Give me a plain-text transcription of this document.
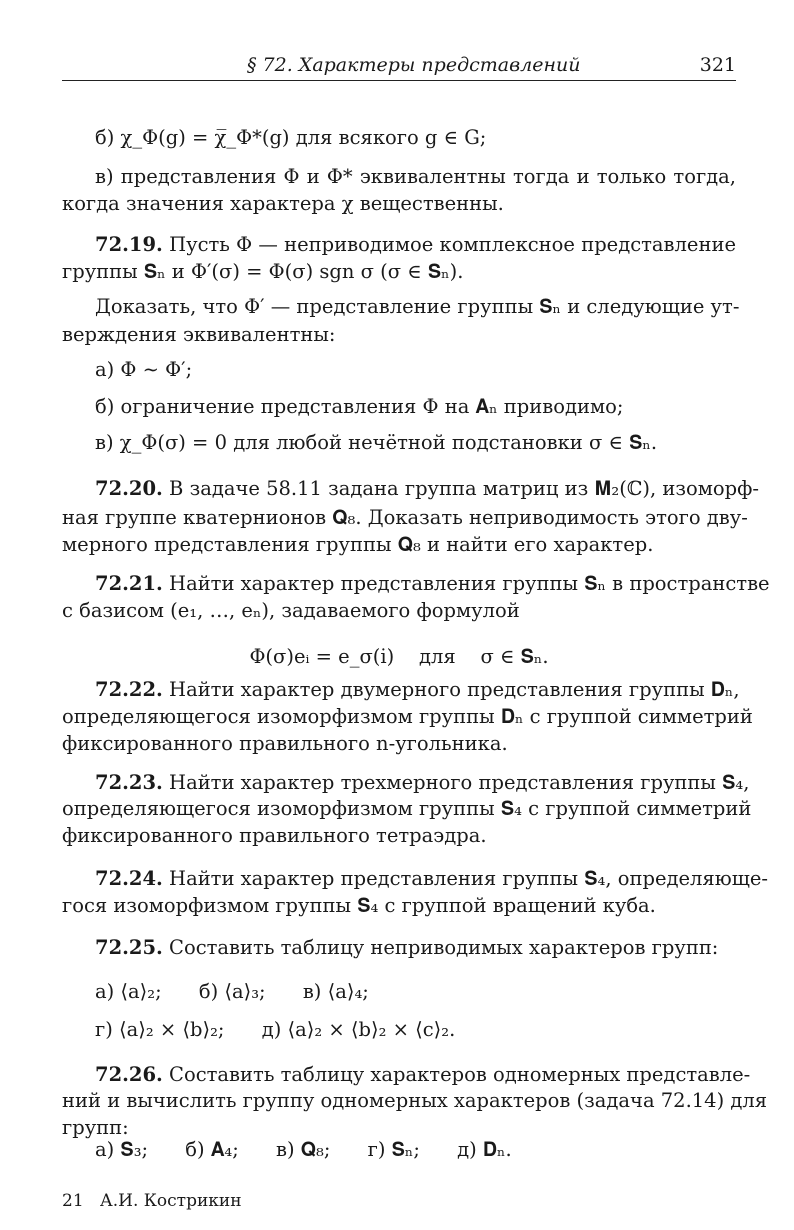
§ 72. Характеры представлений	321
б) χ_Φ(g) = χ̅_Φ*(g) для всякого g ∈ G;
в) представления Φ и Φ* эквивалентны тогда и только тогда,
когда значения характера χ вещественны.
72.19. Пусть Φ — неприводимое комплексное представление
группы 𝐒ₙ и Φ′(σ) = Φ(σ) sgn σ (σ ∈ 𝐒ₙ).
Доказать, что Φ′ — представление группы 𝐒ₙ и следующие ут-
верждения эквивалентны:
а) Φ ∼ Φ′;
б) ограничение представления Φ на 𝐀ₙ приводимо;
в) χ_Φ(σ) = 0 для любой нечётной подстановки σ ∈ 𝐒ₙ.
72.20. В задаче 58.11 задана группа матриц из 𝐌₂(ℂ), изоморф-
ная группе кватернионов 𝐐₈. Доказать неприводимость этого дву-
мерного представления группы 𝐐₈ и найти его характер.
72.21. Найти характер представления группы 𝐒ₙ в пространстве
с базисом (e₁, …, eₙ), задаваемого формулой
Φ(σ)eᵢ = e_σ(i)    для    σ ∈ 𝐒ₙ.
72.22. Найти характер двумерного представления группы 𝐃ₙ,
определяющегося изоморфизмом группы 𝐃ₙ с группой симметрий
фиксированного правильного n-угольника.
72.23. Найти характер трехмерного представления группы 𝐒₄,
определяющегося изоморфизмом группы 𝐒₄ с группой симметрий
фиксированного правильного тетраэдра.
72.24. Найти характер представления группы 𝐒₄, определяюще-
гося изоморфизмом группы 𝐒₄ с группой вращений куба.
72.25. Составить таблицу неприводимых характеров групп:
а) ⟨a⟩₂;      б) ⟨a⟩₃;      в) ⟨a⟩₄;
г) ⟨a⟩₂ × ⟨b⟩₂;      д) ⟨a⟩₂ × ⟨b⟩₂ × ⟨c⟩₂.
72.26. Составить таблицу характеров одномерных представле-
ний и вычислить группу одномерных характеров (задача 72.14) для
групп:
а) 𝐒₃;      б) 𝐀₄;      в) 𝐐₈;      г) 𝐒ₙ;      д) 𝐃ₙ.
21   А.И. Кострикин
